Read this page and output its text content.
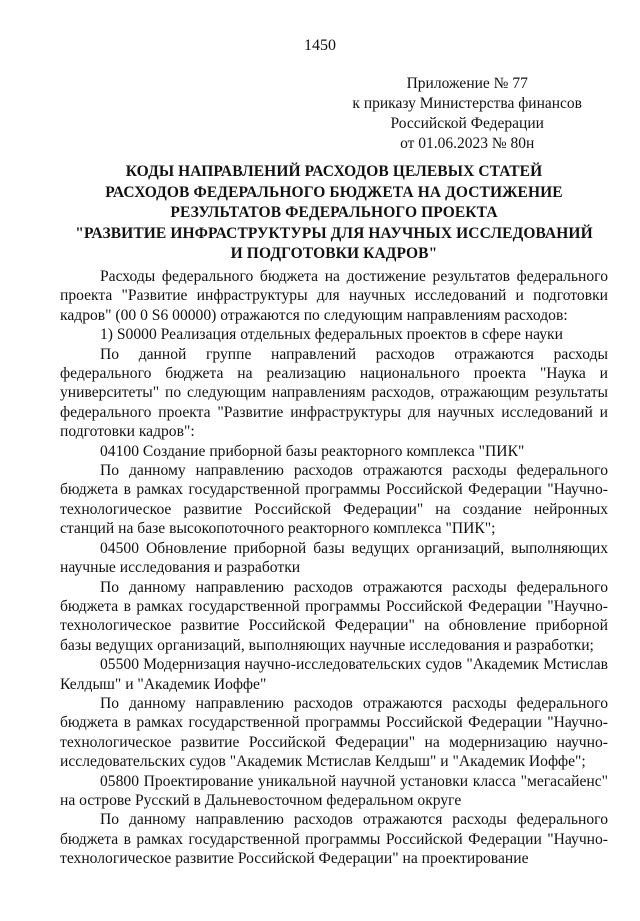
1450
Приложение № 77
к приказу Министерства финансов
Российской Федерации
от 01.06.2023 № 80н
КОДЫ НАПРАВЛЕНИЙ РАСХОДОВ ЦЕЛЕВЫХ СТАТЕЙ
РАСХОДОВ ФЕДЕРАЛЬНОГО БЮДЖЕТА НА ДОСТИЖЕНИЕ
РЕЗУЛЬТАТОВ ФЕДЕРАЛЬНОГО ПРОЕКТА
"РАЗВИТИЕ ИНФРАСТРУКТУРЫ ДЛЯ НАУЧНЫХ ИССЛЕДОВАНИЙ
И ПОДГОТОВКИ КАДРОВ"

Расходы федерального бюджета на достижение результатов федерального проекта "Развитие инфраструктуры для научных исследований и подготовки кадров" (00 0 S6 00000) отражаются по следующим направлениям расходов:

1) S0000 Реализация отдельных федеральных проектов в сфере науки

По данной группе направлений расходов отражаются расходы федерального бюджета на реализацию национального проекта "Наука и университеты" по следующим направлениям расходов, отражающим результаты федерального проекта "Развитие инфраструктуры для научных исследований и подготовки кадров":

04100 Создание приборной базы реакторного комплекса "ПИК"

По данному направлению расходов отражаются расходы федерального бюджета в рамках государственной программы Российской Федерации "Научно-технологическое развитие Российской Федерации" на создание нейронных станций на базе высокопоточного реакторного комплекса "ПИК";

04500 Обновление приборной базы ведущих организаций, выполняющих научные исследования и разработки

По данному направлению расходов отражаются расходы федерального бюджета в рамках государственной программы Российской Федерации "Научно-технологическое развитие Российской Федерации" на обновление приборной базы ведущих организаций, выполняющих научные исследования и разработки;

05500 Модернизация научно-исследовательских судов "Академик Мстислав Келдыш" и "Академик Иоффе"

По данному направлению расходов отражаются расходы федерального бюджета в рамках государственной программы Российской Федерации "Научно-технологическое развитие Российской Федерации" на модернизацию научно-исследовательских судов "Академик Мстислав Келдыш" и "Академик Иоффе";

05800 Проектирование уникальной научной установки класса "мегасайенс" на острове Русский в Дальневосточном федеральном округе

По данному направлению расходов отражаются расходы федерального бюджета в рамках государственной программы Российской Федерации "Научно-технологическое развитие Российской Федерации" на проектирование
